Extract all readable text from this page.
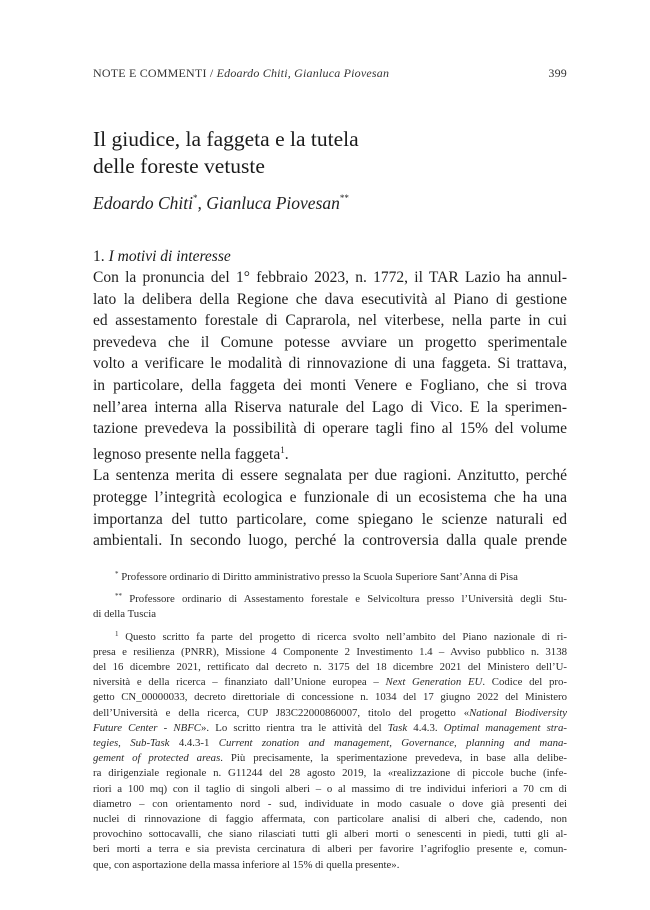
NOTE E COMMENTI / Edoardo Chiti, Gianluca Piovesan	399
Il giudice, la faggeta e la tutela
delle foreste vetuste
Edoardo Chiti*, Gianluca Piovesan**
1. I motivi di interesse

Con la pronuncia del 1° febbraio 2023, n. 1772, il TAR Lazio ha annul-
lato la delibera della Regione che dava esecutività al Piano di gestione
ed assestamento forestale di Caprarola, nel viterbese, nella parte in cui
prevedeva che il Comune potesse avviare un progetto sperimentale
volto a verificare le modalità di rinnovazione di una faggeta. Si trattava,
in particolare, della faggeta dei monti Venere e Fogliano, che si trova
nell’area interna alla Riserva naturale del Lago di Vico. E la sperimen-
tazione prevedeva la possibilità di operare tagli fino al 15% del volume
legnoso presente nella faggeta$^1$.

La sentenza merita di essere segnalata per due ragioni. Anzitutto, perché
protegge l’integrità ecologica e funzionale di un ecosistema che ha una
importanza del tutto particolare, come spiegano le scienze naturali ed
ambientali. In secondo luogo, perché la controversia dalla quale prende

* Professore ordinario di Diritto amministrativo presso la Scuola Superiore Sant’Anna di Pisa
** Professore ordinario di Assestamento forestale e Selvicoltura presso l’Università degli Stu-
di della Tuscia
$^1$ Questo scritto fa parte del progetto di ricerca svolto nell’ambito del Piano nazionale di ri-
presa e resilienza (PNRR), Missione 4 Componente 2 Investimento 1.4 – Avviso pubblico n. 3138
del 16 dicembre 2021, rettificato dal decreto n. 3175 del 18 dicembre 2021 del Ministero dell’U-
niversità e della ricerca – finanziato dall’Unione europea – Next Generation EU. Codice del pro-
getto CN_00000033, decreto direttoriale di concessione n. 1034 del 17 giugno 2022 del Ministero
dell’Università e della ricerca, CUP J83C22000860007, titolo del progetto «National Biodiversity
Future Center - NBFC». Lo scritto rientra tra le attività del Task 4.4.3. Optimal management stra-
tegies, Sub-Task 4.4.3-1 Current zonation and management, Governance, planning and mana-
gement of protected areas. Più precisamente, la sperimentazione prevedeva, in base alla delibe-
ra dirigenziale regionale n. G11244 del 28 agosto 2019, la «realizzazione di piccole buche (infe-
riori a 100 mq) con il taglio di singoli alberi – o al massimo di tre individui inferiori a 70 cm di
diametro – con orientamento nord - sud, individuate in modo casuale o dove già presenti dei
nuclei di rinnovazione di faggio affermata, con particolare analisi di alberi che, cadendo, non
provochino sottocavalli, che siano rilasciati tutti gli alberi morti o senescenti in piedi, tutti gli al-
beri morti a terra e sia prevista cercinatura di alberi per favorire l’agrifoglio presente e, comun-
que, con asportazione della massa inferiore al 15% di quella presente».
